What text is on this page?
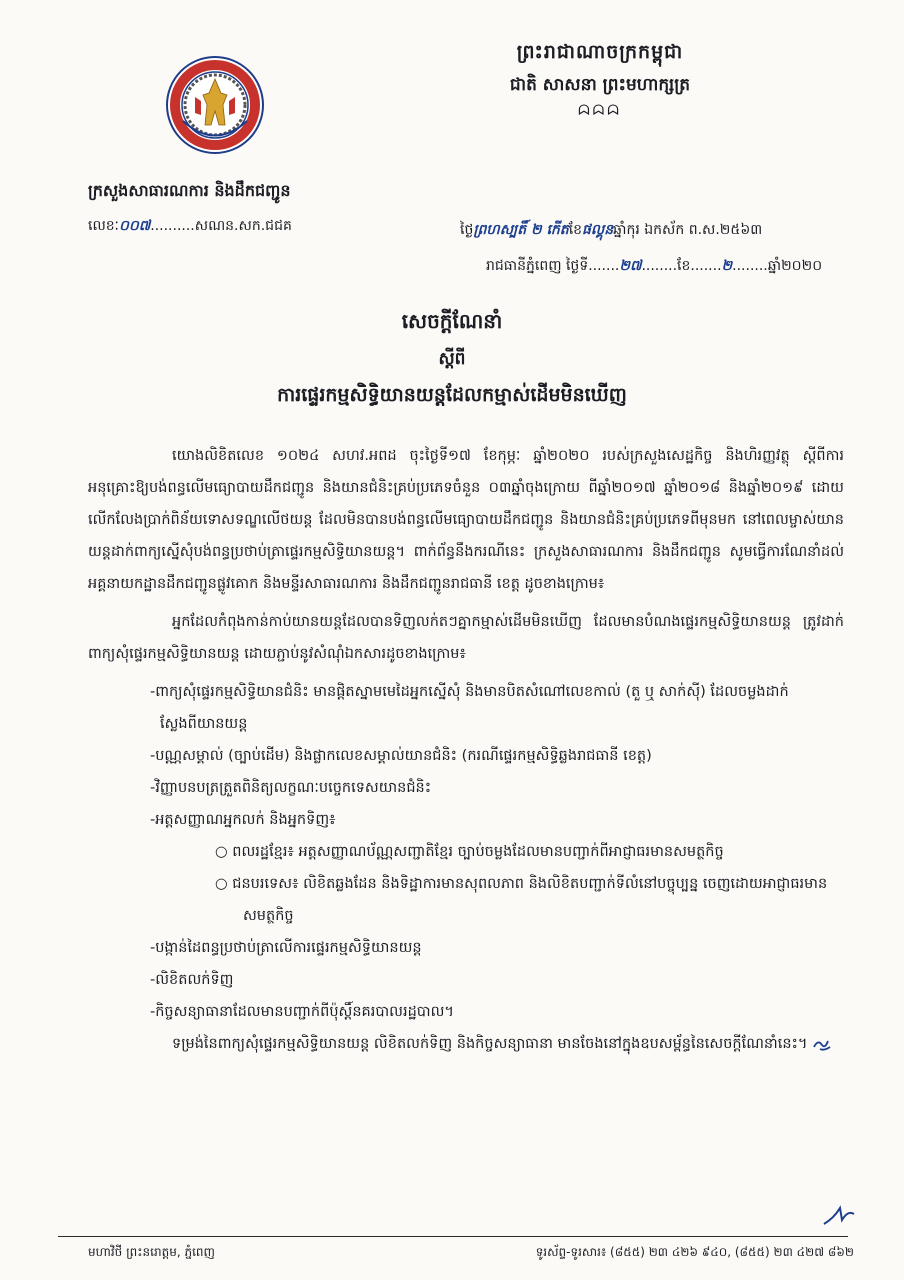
ព្រះរាជាណាចក្រកម្ពុជា
ជាតិ សាសនា ព្រះមហាក្សត្រ
ᗣᗣᗣ
ក្រសួងសាធារណការ និងដឹកជញ្ជូន
លេខៈ០០៧..........សណន.សក.ជជគ	ថ្ងៃព្រហស្បតិ៍ ២ កើតខែផល្គុនឆ្នាំកុរ ឯកស័ក ព.ស.២៥៦៣
រាជធានីភ្នំពេញ ថ្ងៃទី.......២៧........ខែ.......២........ឆ្នាំ២០២០
សេចក្តីណែនាំ
ស្តីពី
ការផ្ទេរកម្មសិទ្ធិយានយន្តដែលកម្មាស់ដើមមិនឃើញ

យោងលិខិតលេខ ១០២៤ សហវ.អពដ ចុះថ្ងៃទី១៧ ខែកុម្ភៈ ឆ្នាំ២០២០ របស់ក្រសួងសេដ្ឋកិច្ច និងហិរញ្ញវត្ថុ ស្តីពីការអនុគ្រោះឱ្យបង់ពន្ធលើមធ្យោបាយដឹកជញ្ជូន និងយានជំនិះគ្រប់ប្រភេទចំនួន ០៣ឆ្នាំចុងក្រោយ ពីឆ្នាំ២០១៧ ឆ្នាំ២០១៨ និងឆ្នាំ២០១៩ ដោយលើកលែងប្រាក់ពិន័យទោសទណ្ឌលើថយន្ត ដែលមិនបានបង់ពន្ធលើមធ្យោបាយដឹកជញ្ជូន និងយានជំនិះគ្រប់ប្រភេទពីមុនមក នៅពេលម្ចាស់យានយន្តដាក់ពាក្យស្នើសុំបង់ពន្ធប្រថាប់ត្រាផ្ទេរកម្មសិទ្ធិយានយន្ត។ ពាក់ព័ន្ធនឹងករណីនេះ ក្រសួងសាធារណការ និងដឹកជញ្ជូន សូមធ្វើការណែនាំដល់អគ្គនាយកដ្ឋានដឹកជញ្ជូនផ្លូវគោក និងមន្ទីរសាធារណការ និងដឹកជញ្ជូនរាជធានី ខេត្ត ដូចខាងក្រោម៖

អ្នកដែលកំពុងកាន់កាប់យានយន្តដែលបានទិញលក់តៗគ្នាកម្មាស់ដើមមិនឃើញ ដែលមានបំណងផ្ទេរកម្មសិទ្ធិយានយន្ត ត្រូវដាក់ពាក្យសុំផ្ទេរកម្មសិទ្ធិយានយន្ត ដោយភ្ជាប់នូវសំណុំឯកសារដូចខាងក្រោម៖

-ពាក្យសុំផ្ទេរកម្មសិទ្ធិយានជំនិះ មានផ្តិតស្នាមមេដៃអ្នកស្នើសុំ និងមានបិតសំណៅលេខកាល់ (តួ ឬ សាក់ស៊ី) ដែលចម្លងដាក់ស្លែងពីយានយន្ត
-បណ្ណសម្គាល់ (ច្បាប់ដើម) និងផ្លាកលេខសម្គាល់យានជំនិះ (ករណីផ្ទេរកម្មសិទ្ធិឆ្លងរាជធានី ខេត្ត)
-វិញ្ញាបនបត្រត្រួតពិនិត្យលក្ខណៈបច្ចេកទេសយានជំនិះ
-អត្តសញ្ញាណអ្នកលក់ និងអ្នកទិញ៖
○ ពលរដ្ឋខ្មែរ៖ អត្តសញ្ញាណប័ណ្ណសញ្ជាតិខ្មែរ ច្បាប់ចម្លងដែលមានបញ្ជាក់ពីអាជ្ញាធរមានសមត្ថកិច្ច
○ ជនបរទេស៖ លិខិតឆ្លងដែន និងទិដ្ឋាការមានសុពលភាព និងលិខិតបញ្ជាក់ទីលំនៅបច្ចុប្បន្ន ចេញដោយអាជ្ញាធរមានសមត្ថកិច្ច
-បង្កាន់ដៃពន្ធប្រថាប់ត្រាលើការផ្ទេរកម្មសិទ្ធិយានយន្ត
-លិខិតលក់ទិញ
-កិច្ចសន្យាធានាដែលមានបញ្ជាក់ពីប៉ុស្តិ៍នគរបាលរដ្ឋបាល។

ទម្រង់នៃពាក្យសុំផ្ទេរកម្មសិទ្ធិយានយន្ត លិខិតលក់ទិញ និងកិច្ចសន្យាធានា មានចែងនៅក្នុងឧបសម្ព័ន្ធនៃសេចក្តីណែនាំនេះ។

មហាវិថី ព្រះនរោត្តម, ភ្នំពេញ	ទូរស័ព្ទ-ទូរសារ៖ (៨៥៥) ២៣ ៤២៦ ៩៤០, (៨៥៥) ២៣ ៤២៧ ៨៦២
